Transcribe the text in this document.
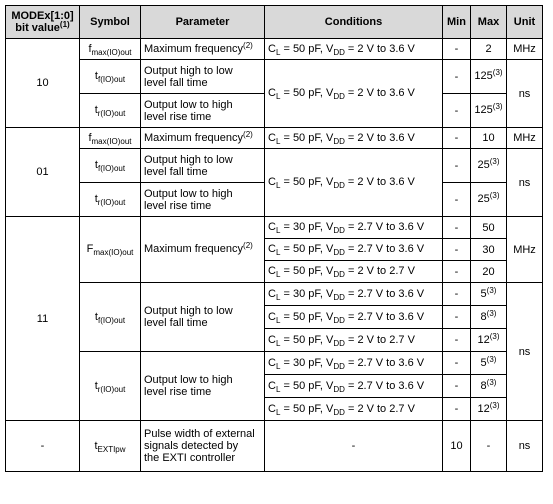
MODEx[1:0]
bit value$^{(1)}$	Symbol	Parameter	Conditions	Min	Max	Unit
10	$f_{max(IO)out}$	Maximum frequency$^{(2)}$	$C_L = 50$ pF, $V_{DD} = 2$ V to 3.6 V	-	2	MHz
	$t_{f(IO)out}$	Output high to low
level fall time	$C_L = 50$ pF, $V_{DD} = 2$ V to 3.6 V	-	125$^{(3)}$	ns
	$t_{r(IO)out}$	Output low to high
level rise time		-	125$^{(3)}$
01	$f_{max(IO)out}$	Maximum frequency$^{(2)}$	$C_L = 50$ pF, $V_{DD} = 2$ V to 3.6 V	-	10	MHz
	$t_{f(IO)out}$	Output high to low
level fall time	$C_L = 50$ pF, $V_{DD} = 2$ V to 3.6 V	-	25$^{(3)}$	ns
	$t_{r(IO)out}$	Output low to high
level rise time		-	25$^{(3)}$
11	$F_{max(IO)out}$	Maximum frequency$^{(2)}$	$C_L = 30$ pF, $V_{DD} = 2.7$ V to 3.6 V	-	50	MHz
			$C_L = 50$ pF, $V_{DD} = 2.7$ V to 3.6 V	-	30	
			$C_L = 50$ pF, $V_{DD} = 2$ V to 2.7 V	-	20	
	$t_{f(IO)out}$	Output high to low
level fall time	$C_L = 30$ pF, $V_{DD} = 2.7$ V to 3.6 V	-	5$^{(3)}$	ns
			$C_L = 50$ pF, $V_{DD} = 2.7$ V to 3.6 V	-	8$^{(3)}$
			$C_L = 50$ pF, $V_{DD} = 2$ V to 2.7 V	-	12$^{(3)}$
	$t_{r(IO)out}$	Output low to high
level rise time	$C_L = 30$ pF, $V_{DD} = 2.7$ V to 3.6 V	-	5$^{(3)}$
			$C_L = 50$ pF, $V_{DD} = 2.7$ V to 3.6 V	-	8$^{(3)}$
			$C_L = 50$ pF, $V_{DD} = 2$ V to 2.7 V	-	12$^{(3)}$
-	$t_{EXTIpw}$	Pulse width of external
signals detected by
the EXTI controller	-	10	-	ns
